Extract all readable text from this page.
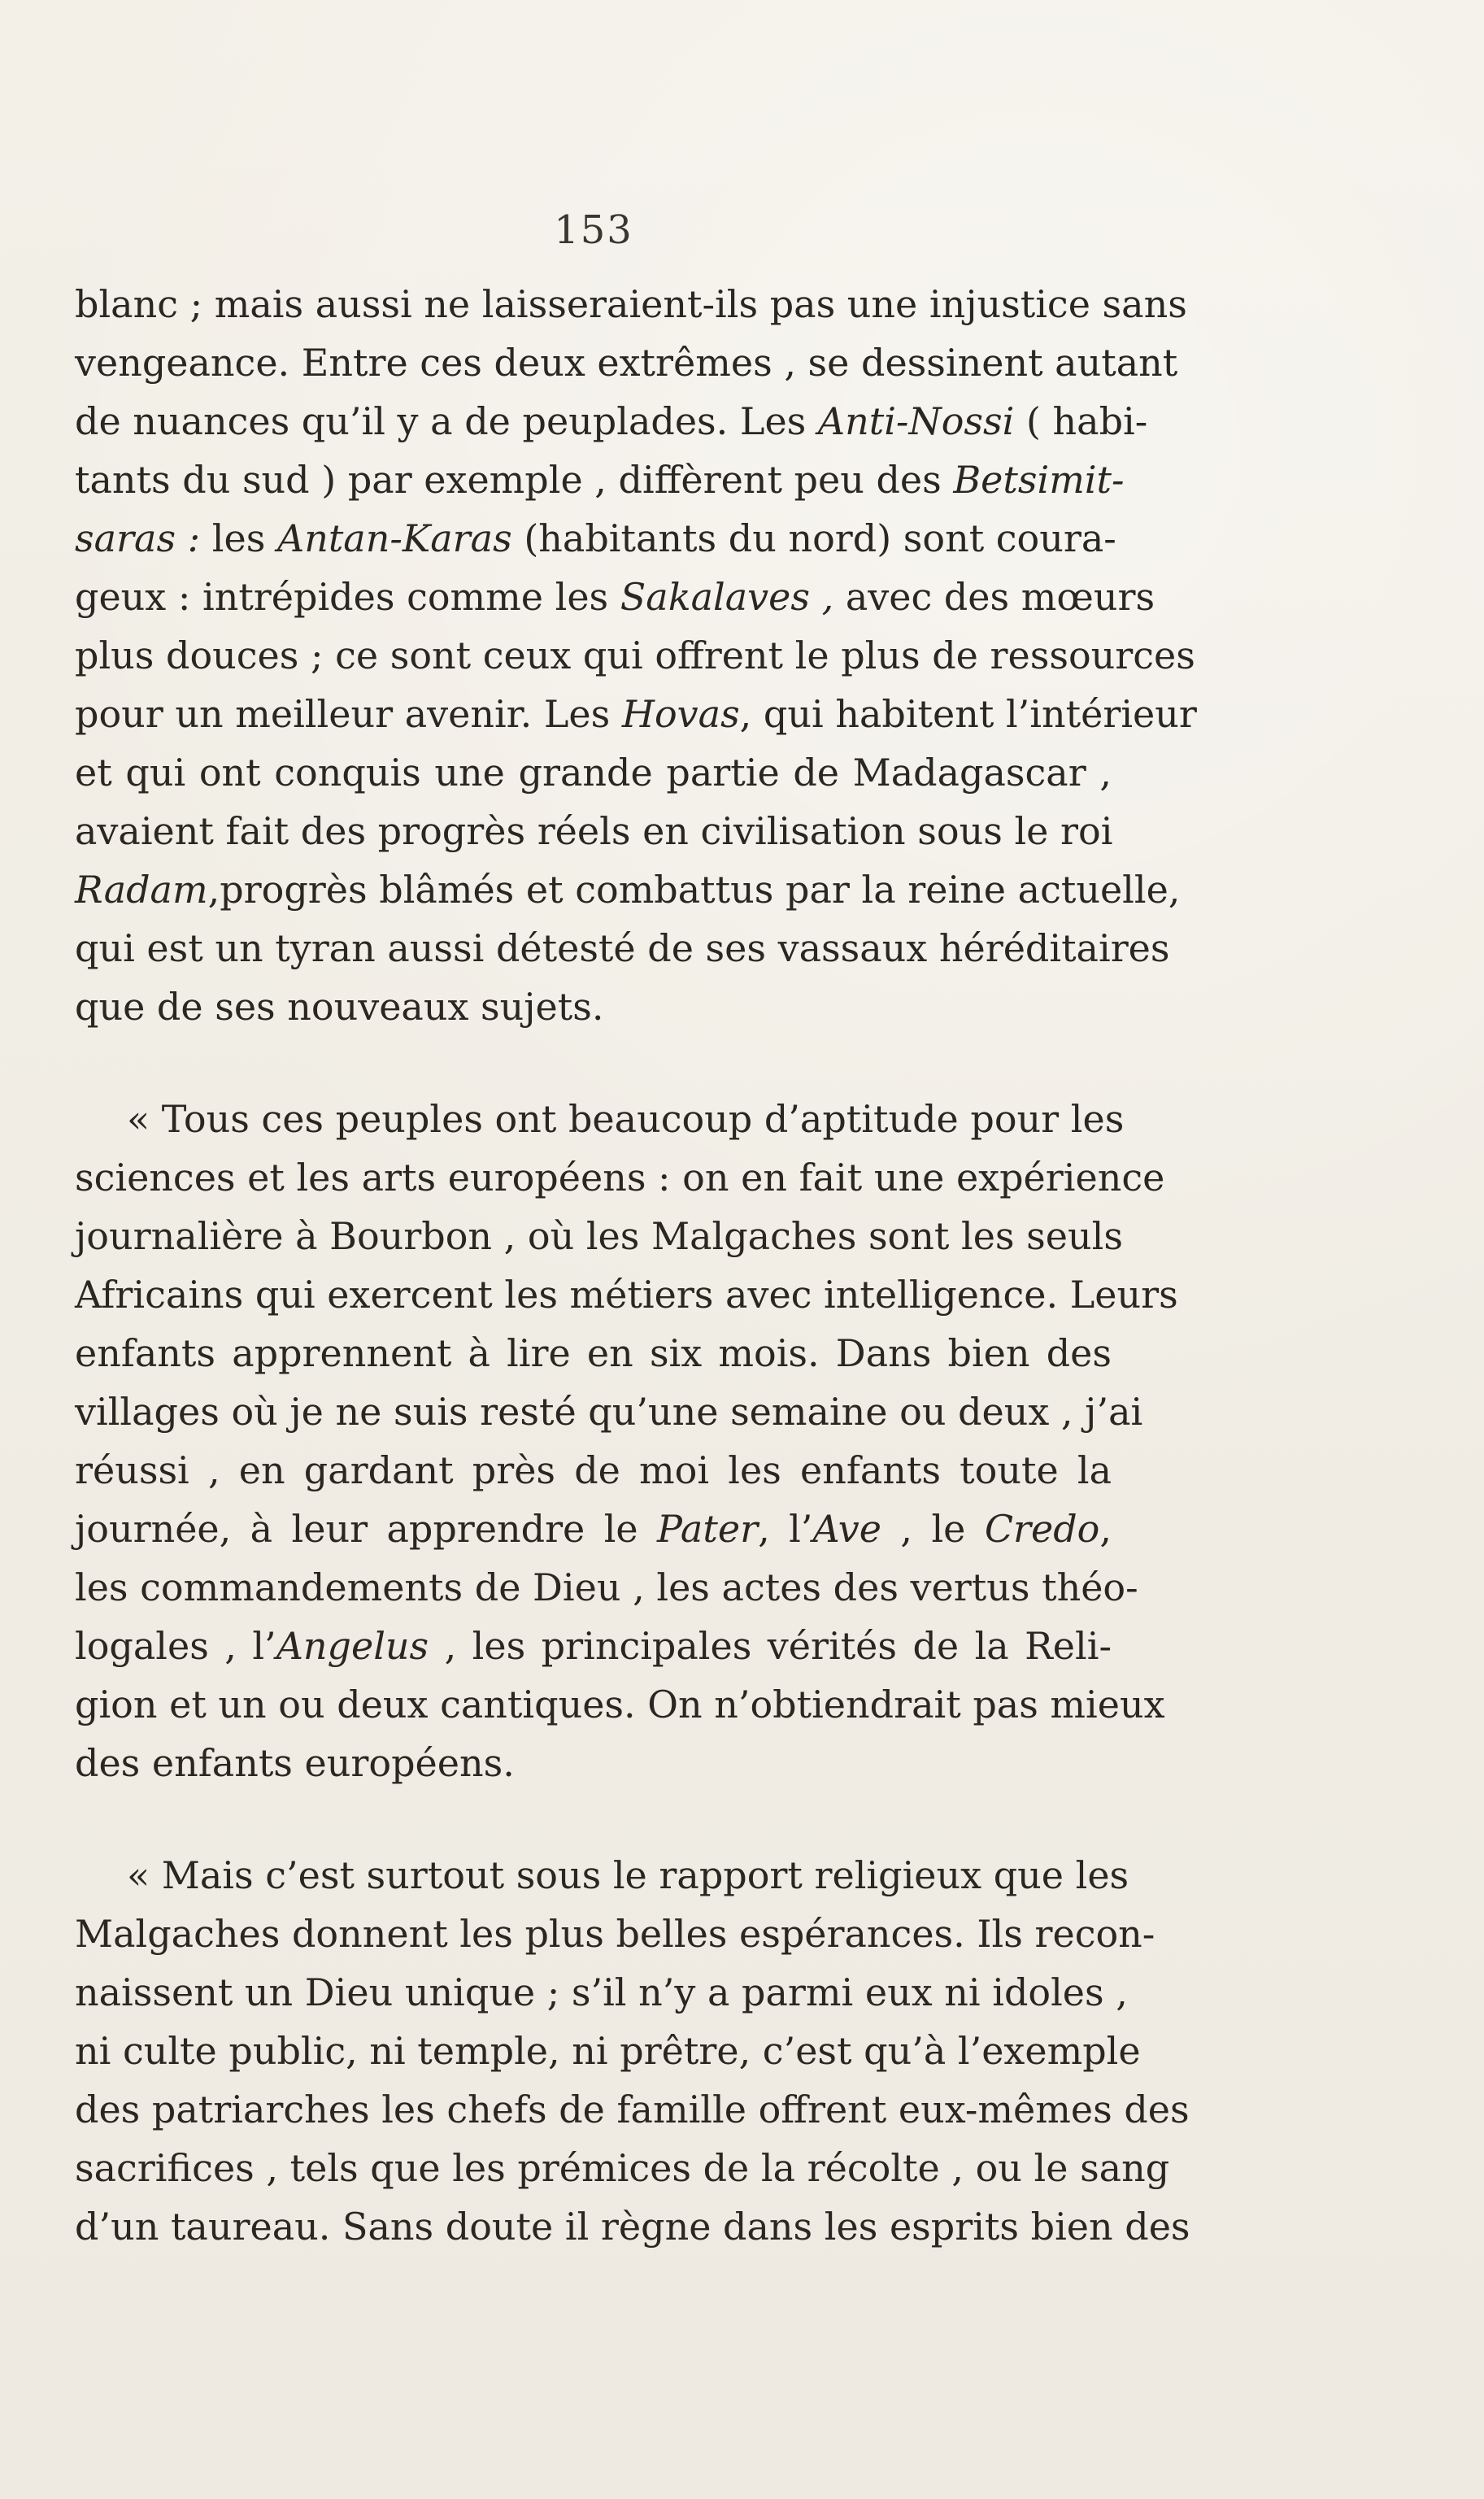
153
blanc ; mais aussi ne laisseraient-ils pas une injustice sans
vengeance. Entre ces deux extrêmes , se dessinent autant
de nuances qu’il y a de peuplades. Les Anti-Nossi ( habi-
tants du sud ) par exemple , diffèrent peu des Betsimit-
saras : les Antan-Karas (habitants du nord) sont coura-
geux : intrépides comme les Sakalaves , avec des mœurs
plus douces ; ce sont ceux qui offrent le plus de ressources
pour un meilleur avenir. Les Hovas, qui habitent l’intérieur
et qui ont conquis une grande partie de Madagascar ,
avaient fait des progrès réels en civilisation sous le roi
Radam,progrès blâmés et combattus par la reine actuelle,
qui est un tyran aussi détesté de ses vassaux héréditaires
que de ses nouveaux sujets.
« Tous ces peuples ont beaucoup d’aptitude pour les
sciences et les arts européens : on en fait une expérience
journalière à Bourbon , où les Malgaches sont les seuls
Africains qui exercent les métiers avec intelligence. Leurs
enfants apprennent à lire en six mois. Dans bien des
villages où je ne suis resté qu’une semaine ou deux , j’ai
réussi , en gardant près de moi les enfants toute la
journée, à leur apprendre le Pater, l’Ave , le Credo,
les commandements de Dieu , les actes des vertus théo-
logales , l’Angelus , les principales vérités de la Reli-
gion et un ou deux cantiques. On n’obtiendrait pas mieux
des enfants européens.
« Mais c’est surtout sous le rapport religieux que les
Malgaches donnent les plus belles espérances. Ils recon-
naissent un Dieu unique ; s’il n’y a parmi eux ni idoles ,
ni culte public, ni temple, ni prêtre, c’est qu’à l’exemple
des patriarches les chefs de famille offrent eux-mêmes des
sacrifices , tels que les prémices de la récolte , ou le sang
d’un taureau. Sans doute il règne dans les esprits bien des
